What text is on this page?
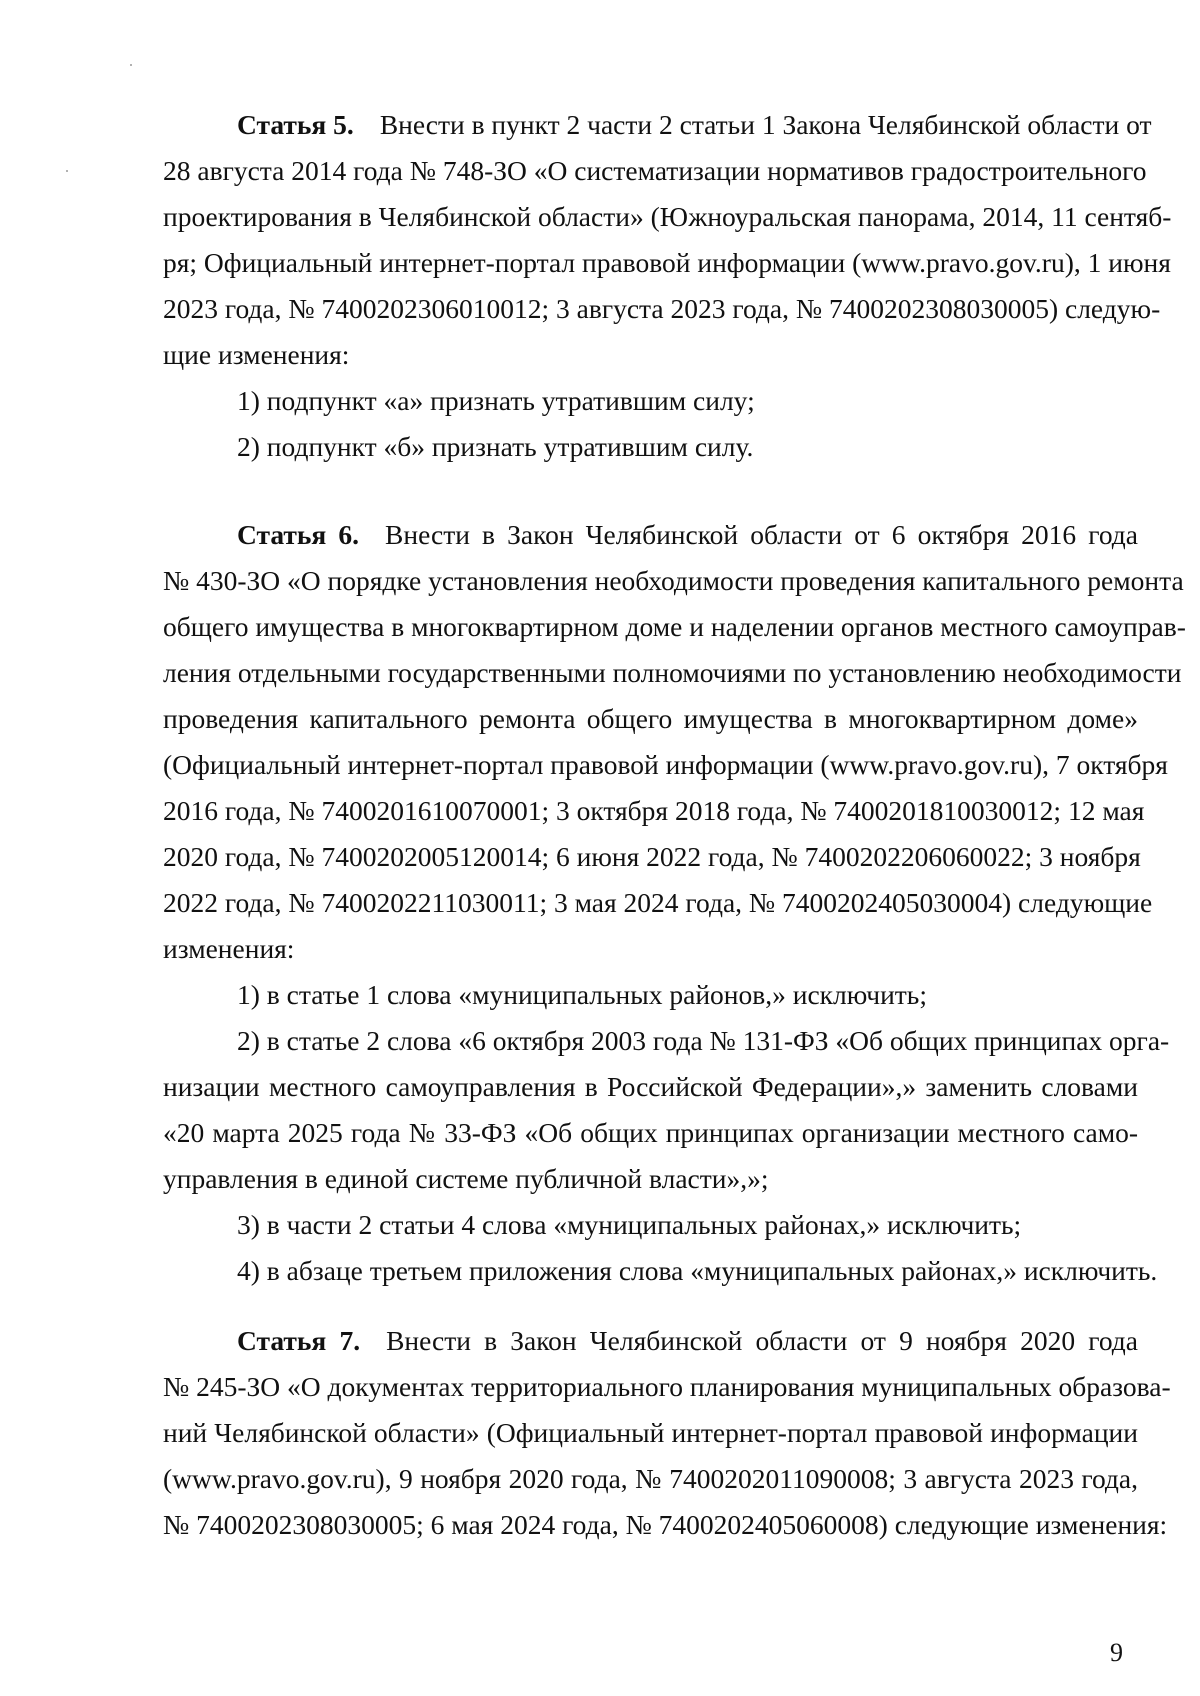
Статья 5. Внести в пункт 2 части 2 статьи 1 Закона Челябинской области от
28 августа 2014 года № 748-ЗО «О систематизации нормативов градостроительного
проектирования в Челябинской области» (Южноуральская панорама, 2014, 11 сентяб-
ря; Официальный интернет-портал правовой информации (www.pravo.gov.ru), 1 июня
2023 года, № 7400202306010012; 3 августа 2023 года, № 7400202308030005) следую-
щие изменения:
1) подпункт «а» признать утратившим силу;
2) подпункт «б» признать утратившим силу.
Статья 6. Внести в Закон Челябинской области от 6 октября 2016 года
№ 430-ЗО «О порядке установления необходимости проведения капитального ремонта
общего имущества в многоквартирном доме и наделении органов местного самоуправ-
ления отдельными государственными полномочиями по установлению необходимости
проведения капитального ремонта общего имущества в многоквартирном доме»
(Официальный интернет-портал правовой информации (www.pravo.gov.ru), 7 октября
2016 года, № 7400201610070001; 3 октября 2018 года, № 7400201810030012; 12 мая
2020 года, № 7400202005120014; 6 июня 2022 года, № 7400202206060022; 3 ноября
2022 года, № 7400202211030011; 3 мая 2024 года, № 7400202405030004) следующие
изменения:
1) в статье 1 слова «муниципальных районов,» исключить;
2) в статье 2 слова «6 октября 2003 года № 131-ФЗ «Об общих принципах орга-
низации местного самоуправления в Российской Федерации»,» заменить словами
«20 марта 2025 года № 33-ФЗ «Об общих принципах организации местного само-
управления в единой системе публичной власти»,»;
3) в части 2 статьи 4 слова «муниципальных районах,» исключить;
4) в абзаце третьем приложения слова «муниципальных районах,» исключить.
Статья 7. Внести в Закон Челябинской области от 9 ноября 2020 года
№ 245-ЗО «О документах территориального планирования муниципальных образова-
ний Челябинской области» (Официальный интернет-портал правовой информации
(www.pravo.gov.ru), 9 ноября 2020 года, № 7400202011090008; 3 августа 2023 года,
№ 7400202308030005; 6 мая 2024 года, № 7400202405060008) следующие изменения:
9
